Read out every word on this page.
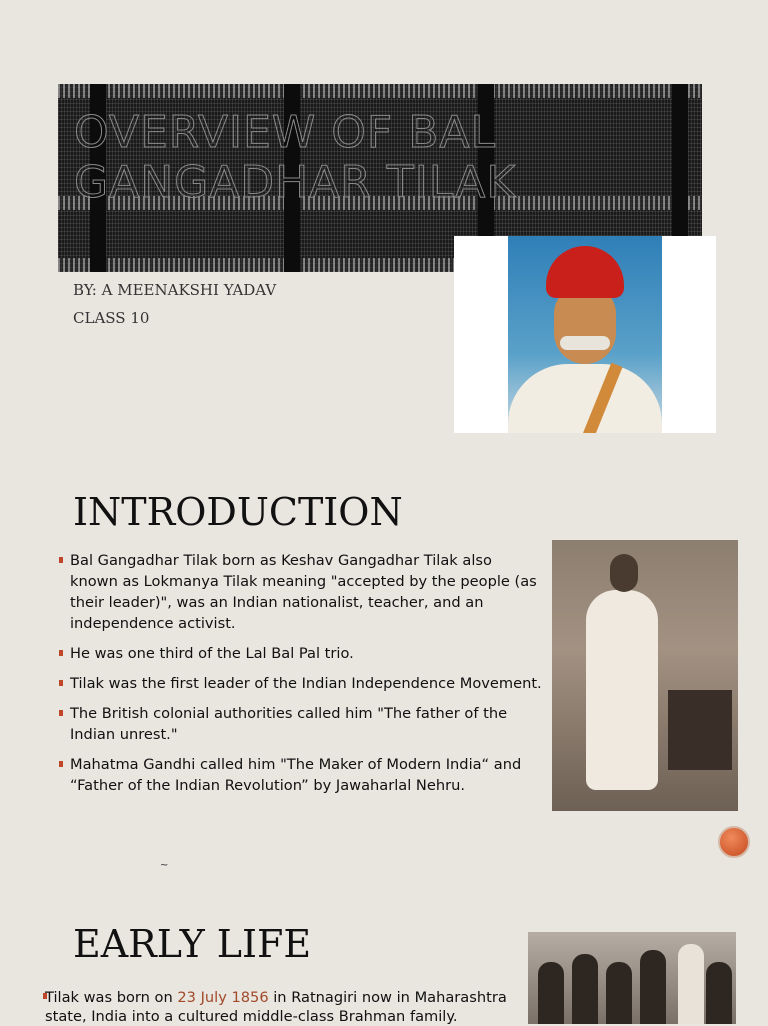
OVERVIEW OF BAL GANGADHAR TILAK
BY: A MEENAKSHI YADAV
CLASS 10
INTRODUCTION
Bal Gangadhar Tilak born as Keshav Gangadhar Tilak also known as Lokmanya Tilak meaning "accepted by the people (as their leader)", was an Indian nationalist, teacher, and an independence activist.
He was one third of the Lal Bal Pal trio.
Tilak was the first leader of the Indian Independence Movement.
The British colonial authorities called him "The father of the Indian unrest."
Mahatma Gandhi called him "The Maker of Modern India“ and “Father of the Indian Revolution” by Jawaharlal Nehru.
~
EARLY LIFE
Tilak was born on 23 July 1856 in Ratnagiri now in Maharashtra state, India into a cultured middle-class Brahman family.
